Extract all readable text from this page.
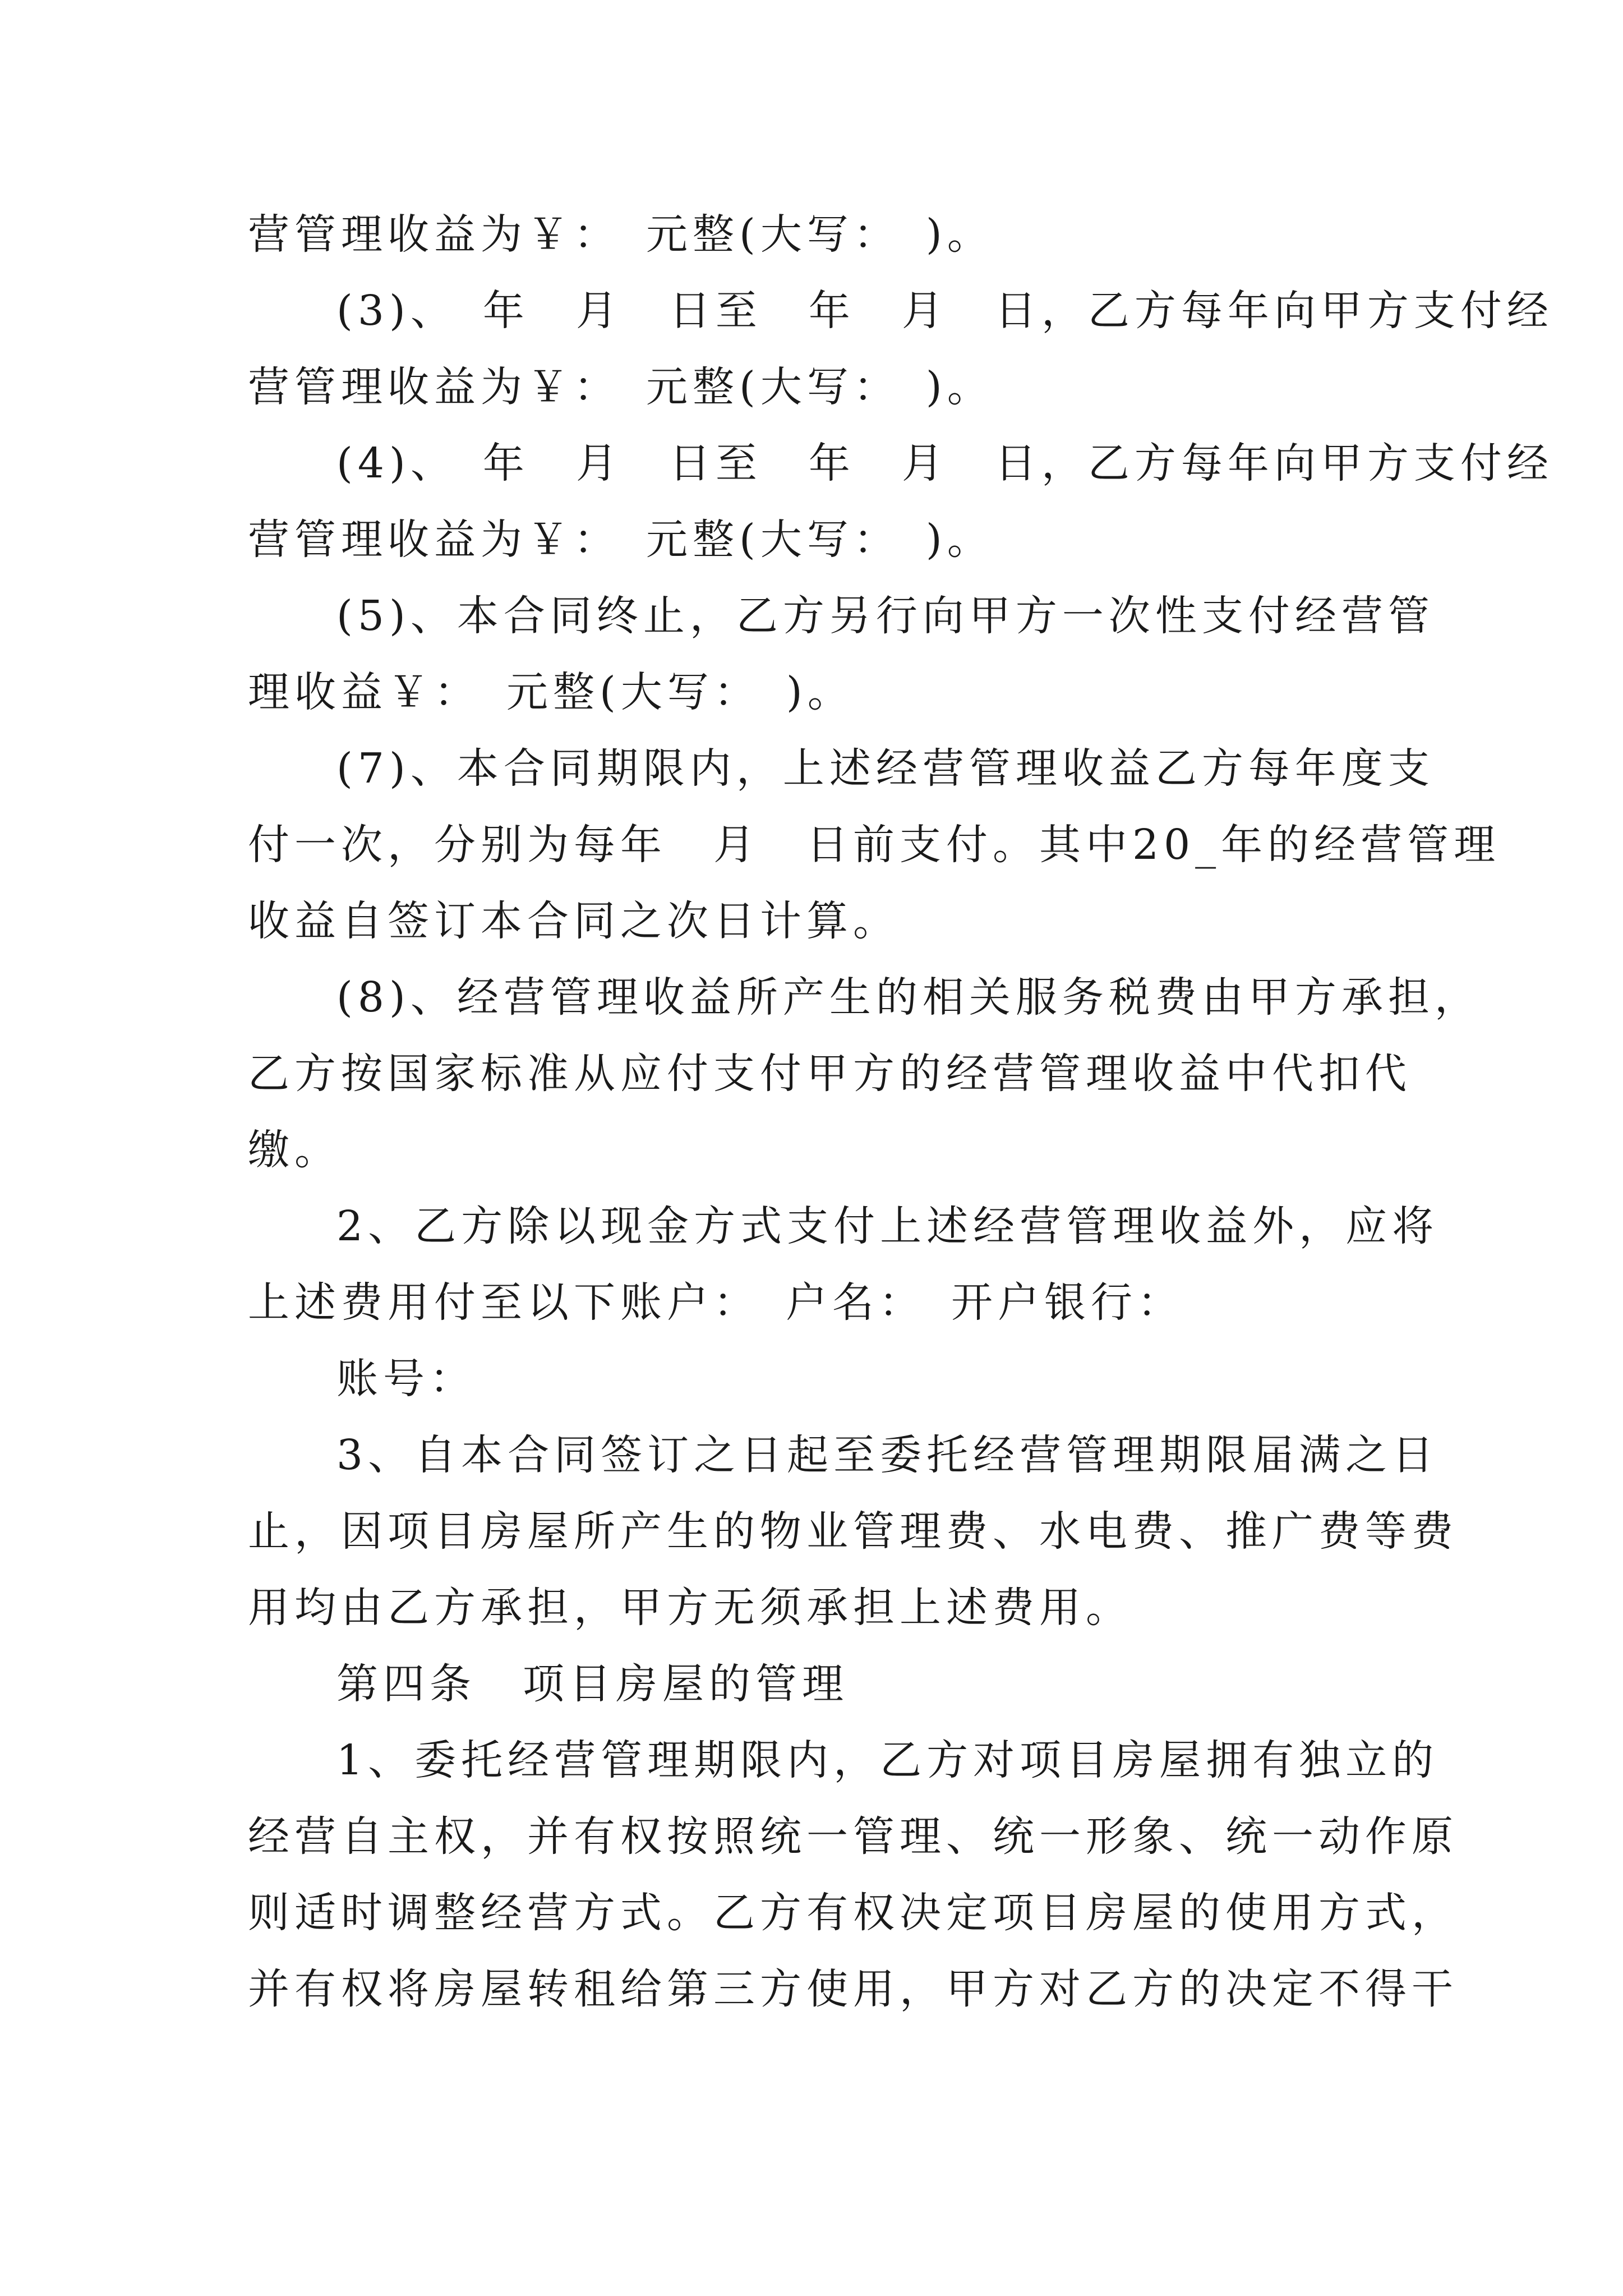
营管理收益为￥：　元整(大写：　)。
(3)、　年　月　日至　年　月　日，乙方每年向甲方支付经
营管理收益为￥：　元整(大写：　)。
(4)、　年　月　日至　年　月　日，乙方每年向甲方支付经
营管理收益为￥：　元整(大写：　)。
(5)、本合同终止，乙方另行向甲方一次性支付经营管
理收益￥：　元整(大写：　)。
(7)、本合同期限内，上述经营管理收益乙方每年度支
付一次，分别为每年　月　日前支付。其中20_年的经营管理
收益自签订本合同之次日计算。
(8)、经营管理收益所产生的相关服务税费由甲方承担，
乙方按国家标准从应付支付甲方的经营管理收益中代扣代
缴。
2、乙方除以现金方式支付上述经营管理收益外，应将
上述费用付至以下账户：　户名：　开户银行：
账号：
3、自本合同签订之日起至委托经营管理期限届满之日
止，因项目房屋所产生的物业管理费、水电费、推广费等费
用均由乙方承担，甲方无须承担上述费用。
第四条　项目房屋的管理
1、委托经营管理期限内，乙方对项目房屋拥有独立的
经营自主权，并有权按照统一管理、统一形象、统一动作原
则适时调整经营方式。乙方有权决定项目房屋的使用方式，
并有权将房屋转租给第三方使用，甲方对乙方的决定不得干
